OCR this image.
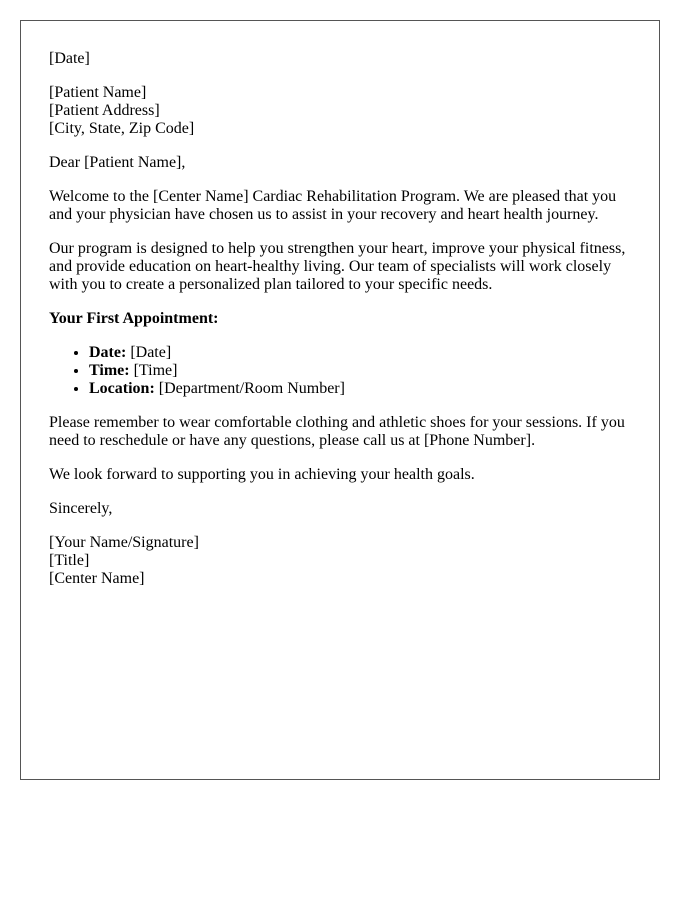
[Date]

[Patient Name]
[Patient Address]
[City, State, Zip Code]

Dear [Patient Name],

Welcome to the [Center Name] Cardiac Rehabilitation Program. We are pleased that you and your physician have chosen us to assist in your recovery and heart health journey.

Our program is designed to help you strengthen your heart, improve your physical fitness, and provide education on heart-healthy living. Our team of specialists will work closely with you to create a personalized plan tailored to your specific needs.

Your First Appointment:

• Date: [Date]
• Time: [Time]
• Location: [Department/Room Number]

Please remember to wear comfortable clothing and athletic shoes for your sessions. If you need to reschedule or have any questions, please call us at [Phone Number].

We look forward to supporting you in achieving your health goals.

Sincerely,

[Your Name/Signature]
[Title]
[Center Name]
